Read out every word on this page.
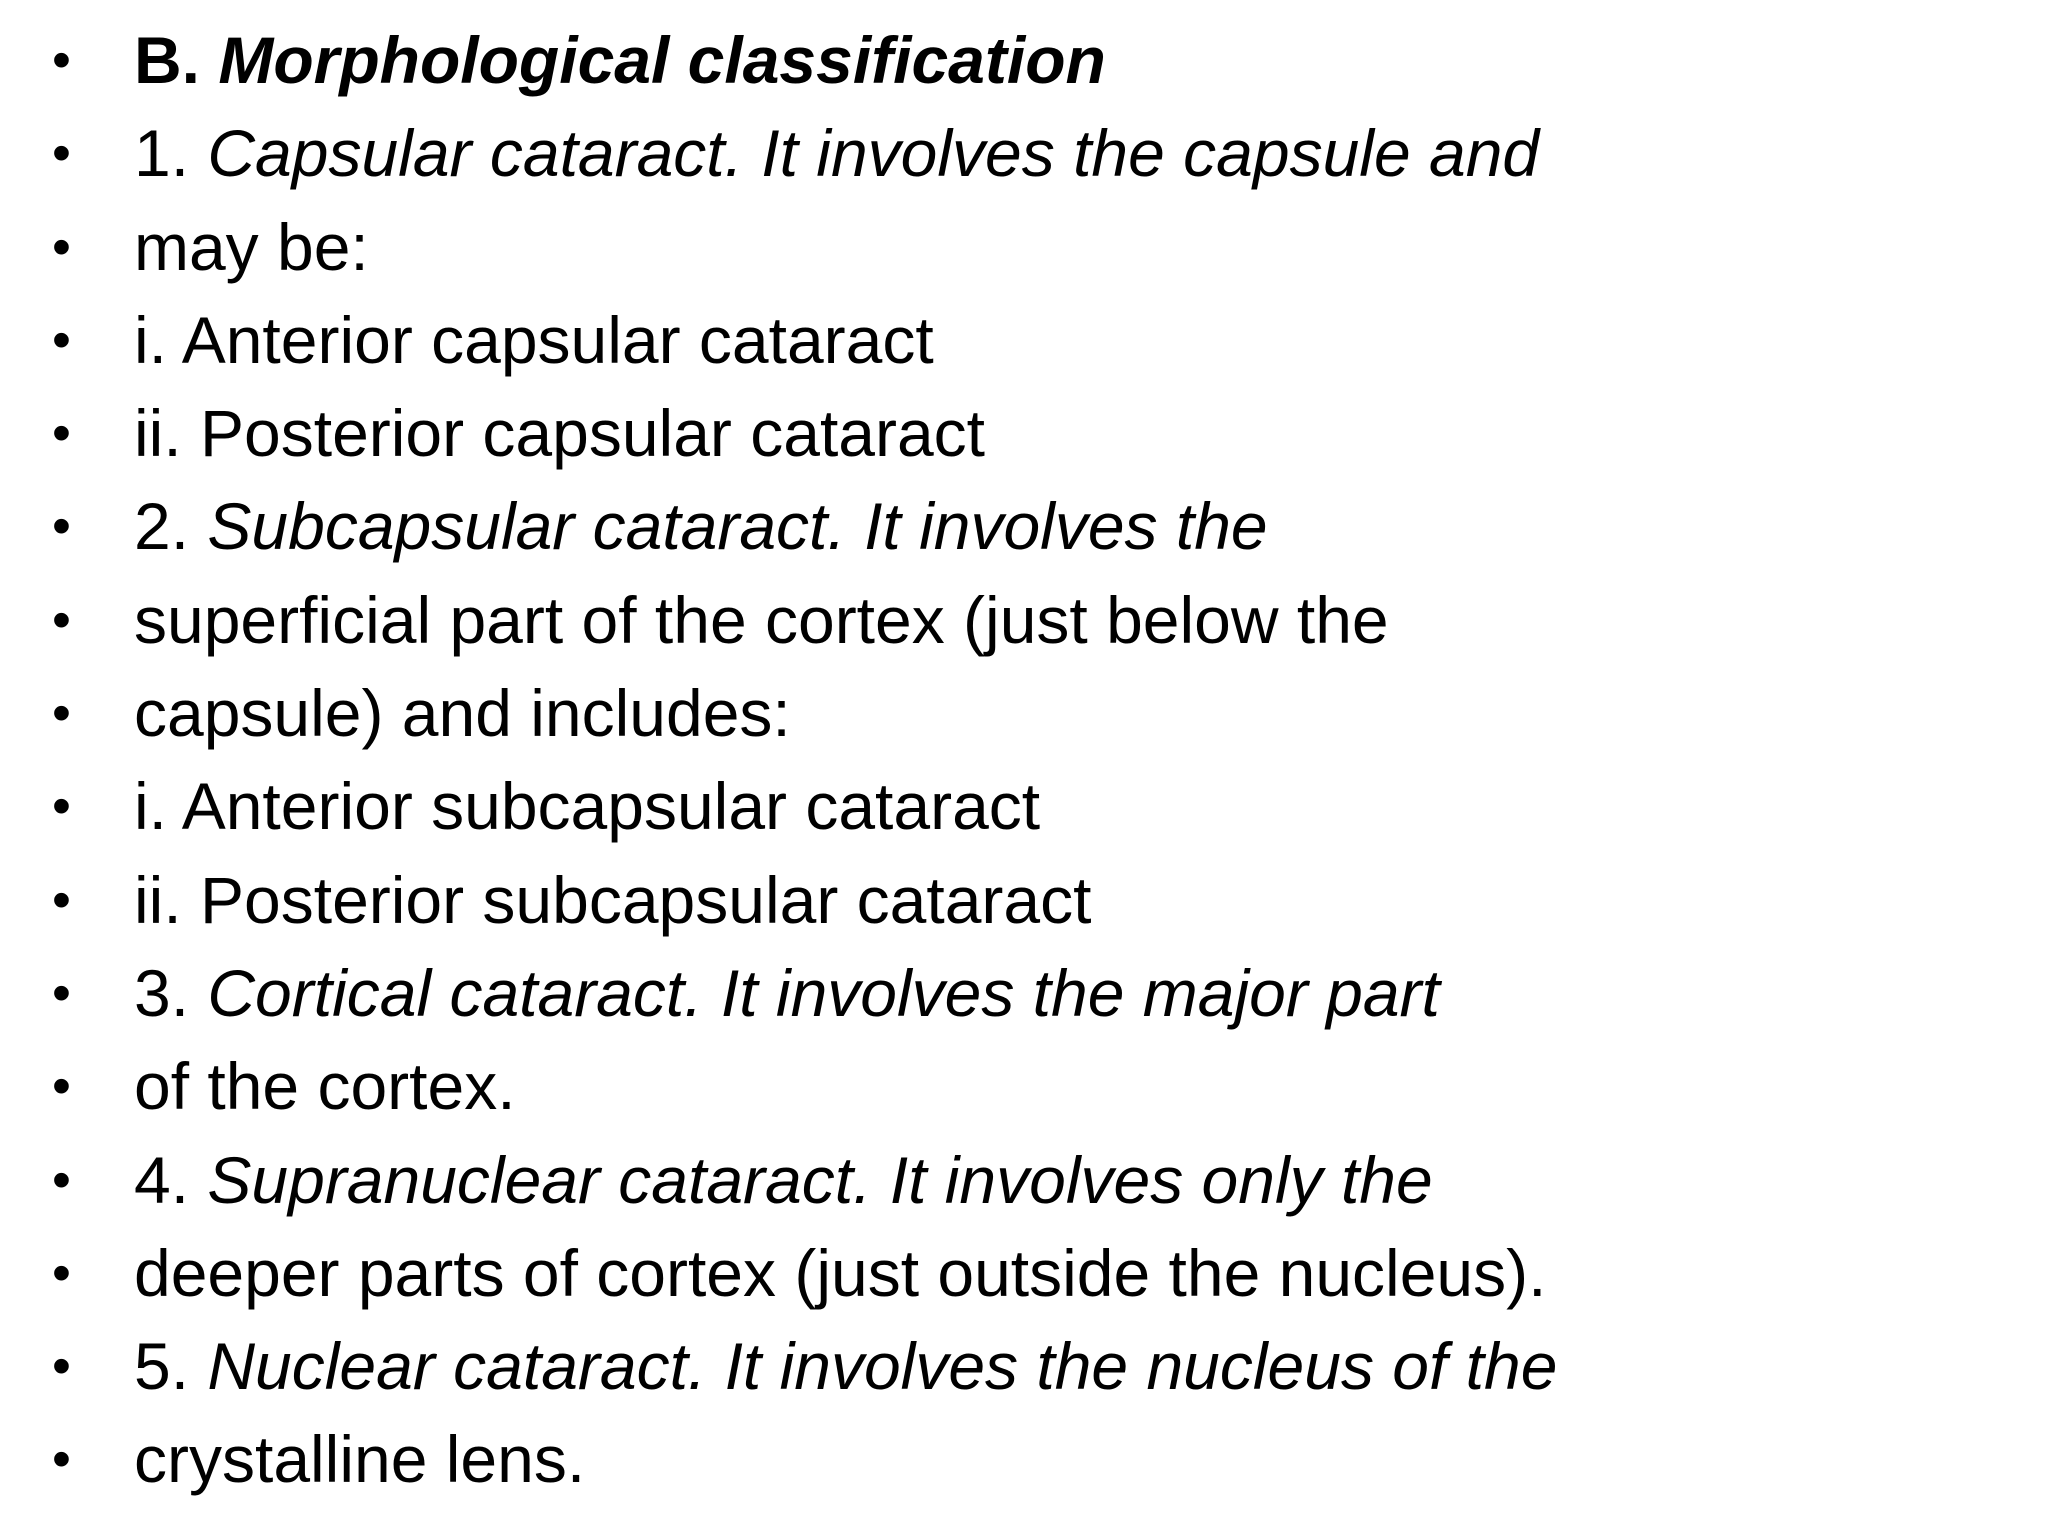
• B. Morphological classification
• 1. Capsular cataract. It involves the capsule and
• may be:
• i. Anterior capsular cataract
• ii. Posterior capsular cataract
• 2. Subcapsular cataract. It involves the
• superficial part of the cortex (just below the
• capsule) and includes:
• i. Anterior subcapsular cataract
• ii. Posterior subcapsular cataract
• 3. Cortical cataract. It involves the major part
• of the cortex.
• 4. Supranuclear cataract. It involves only the
• deeper parts of cortex (just outside the nucleus).
• 5. Nuclear cataract. It involves the nucleus of the
• crystalline lens.
